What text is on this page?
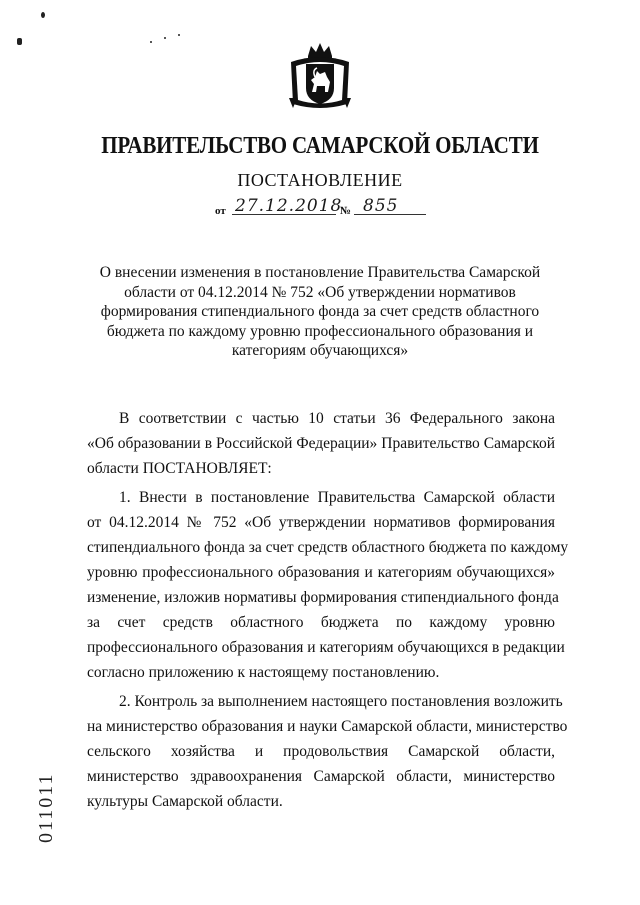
ПРАВИТЕЛЬСТВО САМАРСКОЙ ОБЛАСТИ
ПОСТАНОВЛЕНИЕ
от 27.12.2018
№ 855
О внесении изменения в постановление Правительства Самарской
области от 04.12.2014 № 752 «Об утверждении нормативов
формирования стипендиального фонда за счет средств областного
бюджета по каждому уровню профессионального образования и
категориям обучающихся»
В соответствии с частью 10 статьи 36 Федерального закона
«Об образовании в Российской Федерации» Правительство Самарской
области ПОСТАНОВЛЯЕТ:
1. Внести в постановление Правительства Самарской области
от 04.12.2014 № 752 «Об утверждении нормативов формирования
стипендиального фонда за счет средств областного бюджета по каждому
уровню профессионального образования и категориям обучающихся»
изменение, изложив нормативы формирования стипендиального фонда
за счет средств областного бюджета по каждому уровню
профессионального образования и категориям обучающихся в редакции
согласно приложению к настоящему постановлению.
2. Контроль за выполнением настоящего постановления возложить
на министерство образования и науки Самарской области, министерство
сельского хозяйства и продовольствия Самарской области,
министерство здравоохранения Самарской области, министерство
культуры Самарской области.
011011
